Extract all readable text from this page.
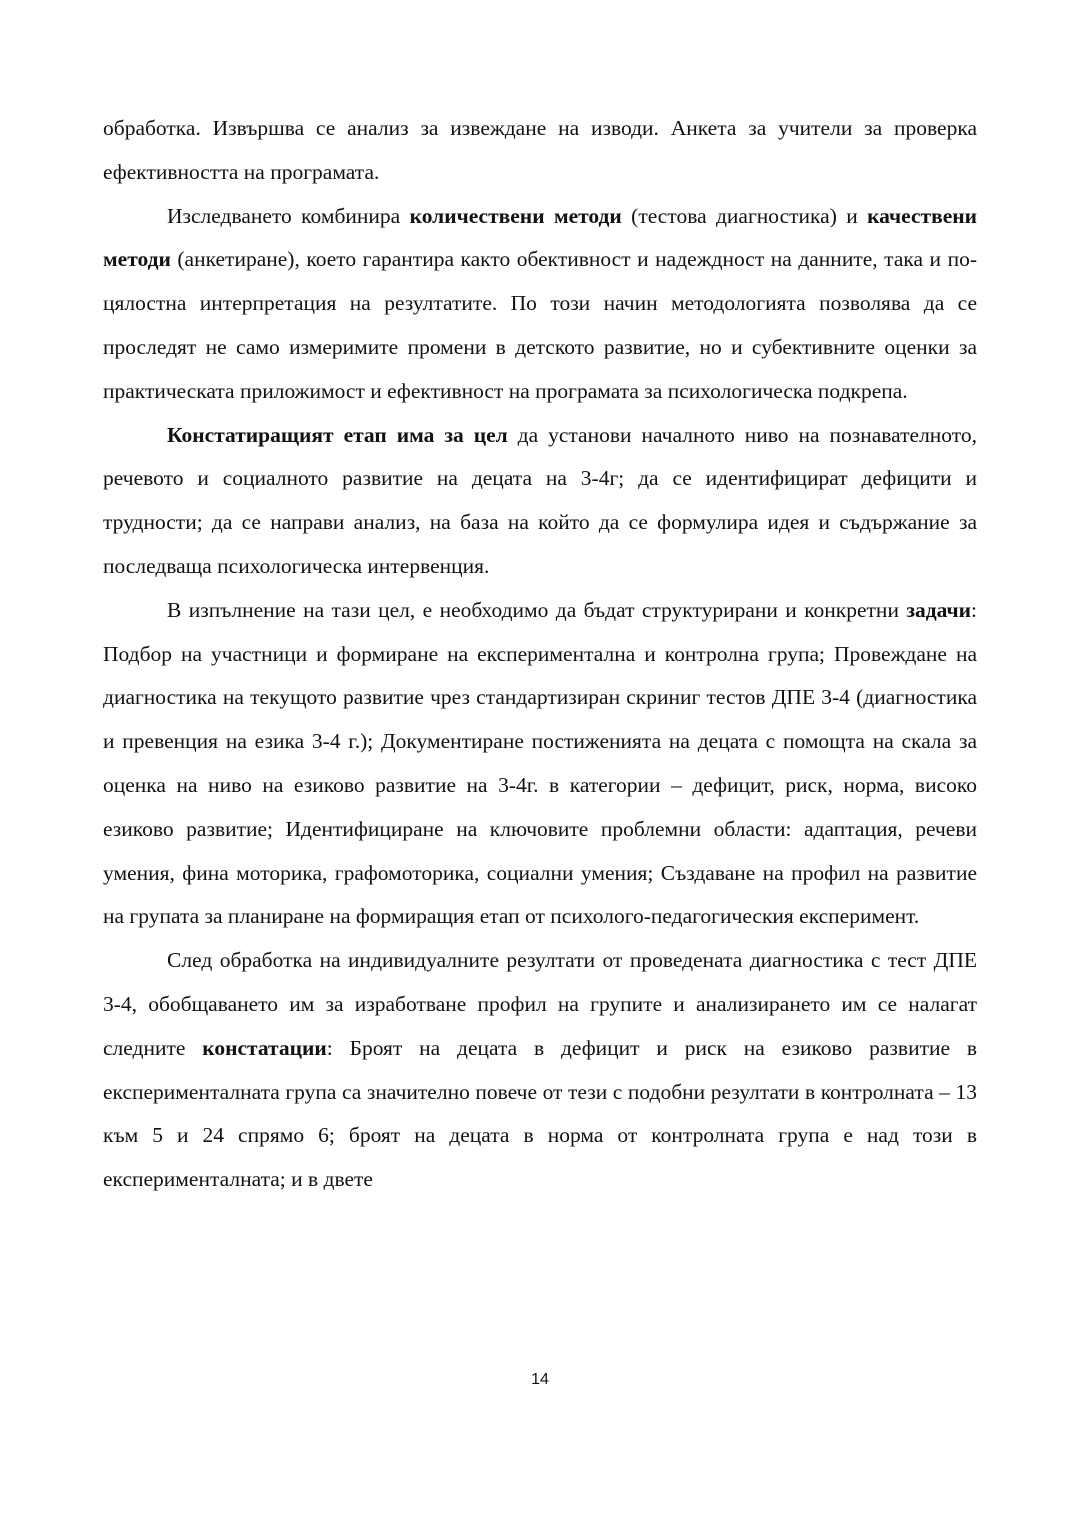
обработка. Извършва се анализ за извеждане на изводи. Анкета за учители за проверка ефективността на програмата.

Изследването комбинира количествени методи (тестова диагностика) и качествени методи (анкетиране), което гарантира както обективност и надеждност на данните, така и по-цялостна интерпретация на резултатите. По този начин методологията позволява да се проследят не само измеримите промени в детското развитие, но и субективните оценки за практическата приложимост и ефективност на програмата за психологическа подкрепа.

Констатиращият етап има за цел да установи началното ниво на познавателното, речевото и социалното развитие на децата на 3-4г; да се идентифицират дефицити и трудности; да се направи анализ, на база на който да се формулира идея и съдържание за последваща психологическа интервенция.

В изпълнение на тази цел, е необходимо да бъдат структурирани и конкретни задачи: Подбор на участници и формиране на експериментална и контролна група; Провеждане на диагностика на текущото развитие чрез стандартизиран скриниг тестов ДПЕ 3-4 (диагностика и превенция на езика 3-4 г.); Документиране постиженията на децата с помощта на скала за оценка на ниво на езиково развитие на 3-4г. в категории – дефицит, риск, норма, високо езиково развитие; Идентифициране на ключовите проблемни области: адаптация, речеви умения, фина моторика, графомоторика, социални умения; Създаване на профил на развитие на групата за планиране на формиращия етап от психолого-педагогическия експеримент.

След обработка на индивидуалните резултати от проведената диагностика с тест ДПЕ 3-4, обобщаването им за изработване профил на групите и анализирането им се налагат следните констатации: Броят на децата в дефицит и риск на езиково развитие в експерименталната група са значително повече от тези с подобни резултати в контролната – 13 към 5 и 24 спрямо 6; броят на децата в норма от контролната група е над този в експерименталната; и в двете

14
